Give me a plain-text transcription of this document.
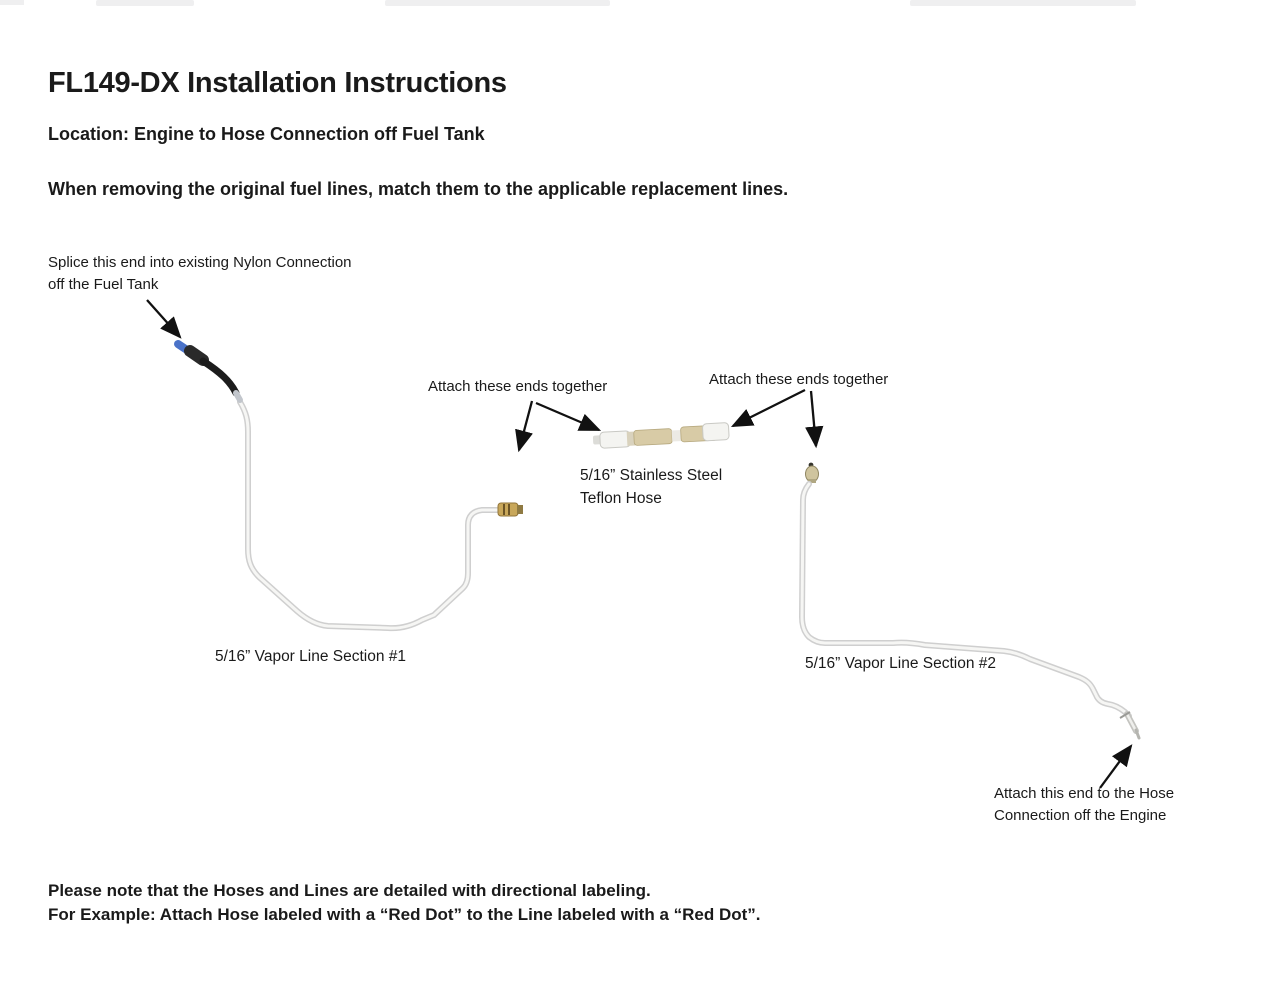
FL149-DX Installation Instructions
Location: Engine to Hose Connection off Fuel Tank
When removing the original fuel lines, match them to the applicable replacement lines.
Splice this end into existing Nylon Connection
off the Fuel Tank
Attach these ends together	Attach these ends together
5/16” Stainless Steel
Teflon Hose
5/16” Vapor Line Section #1	5/16” Vapor Line Section #2
Attach this end to the Hose
Connection off the Engine
Please note that the Hoses and Lines are detailed with directional labeling.
For Example: Attach Hose labeled with a “Red Dot” to the Line labeled with a “Red Dot”.
